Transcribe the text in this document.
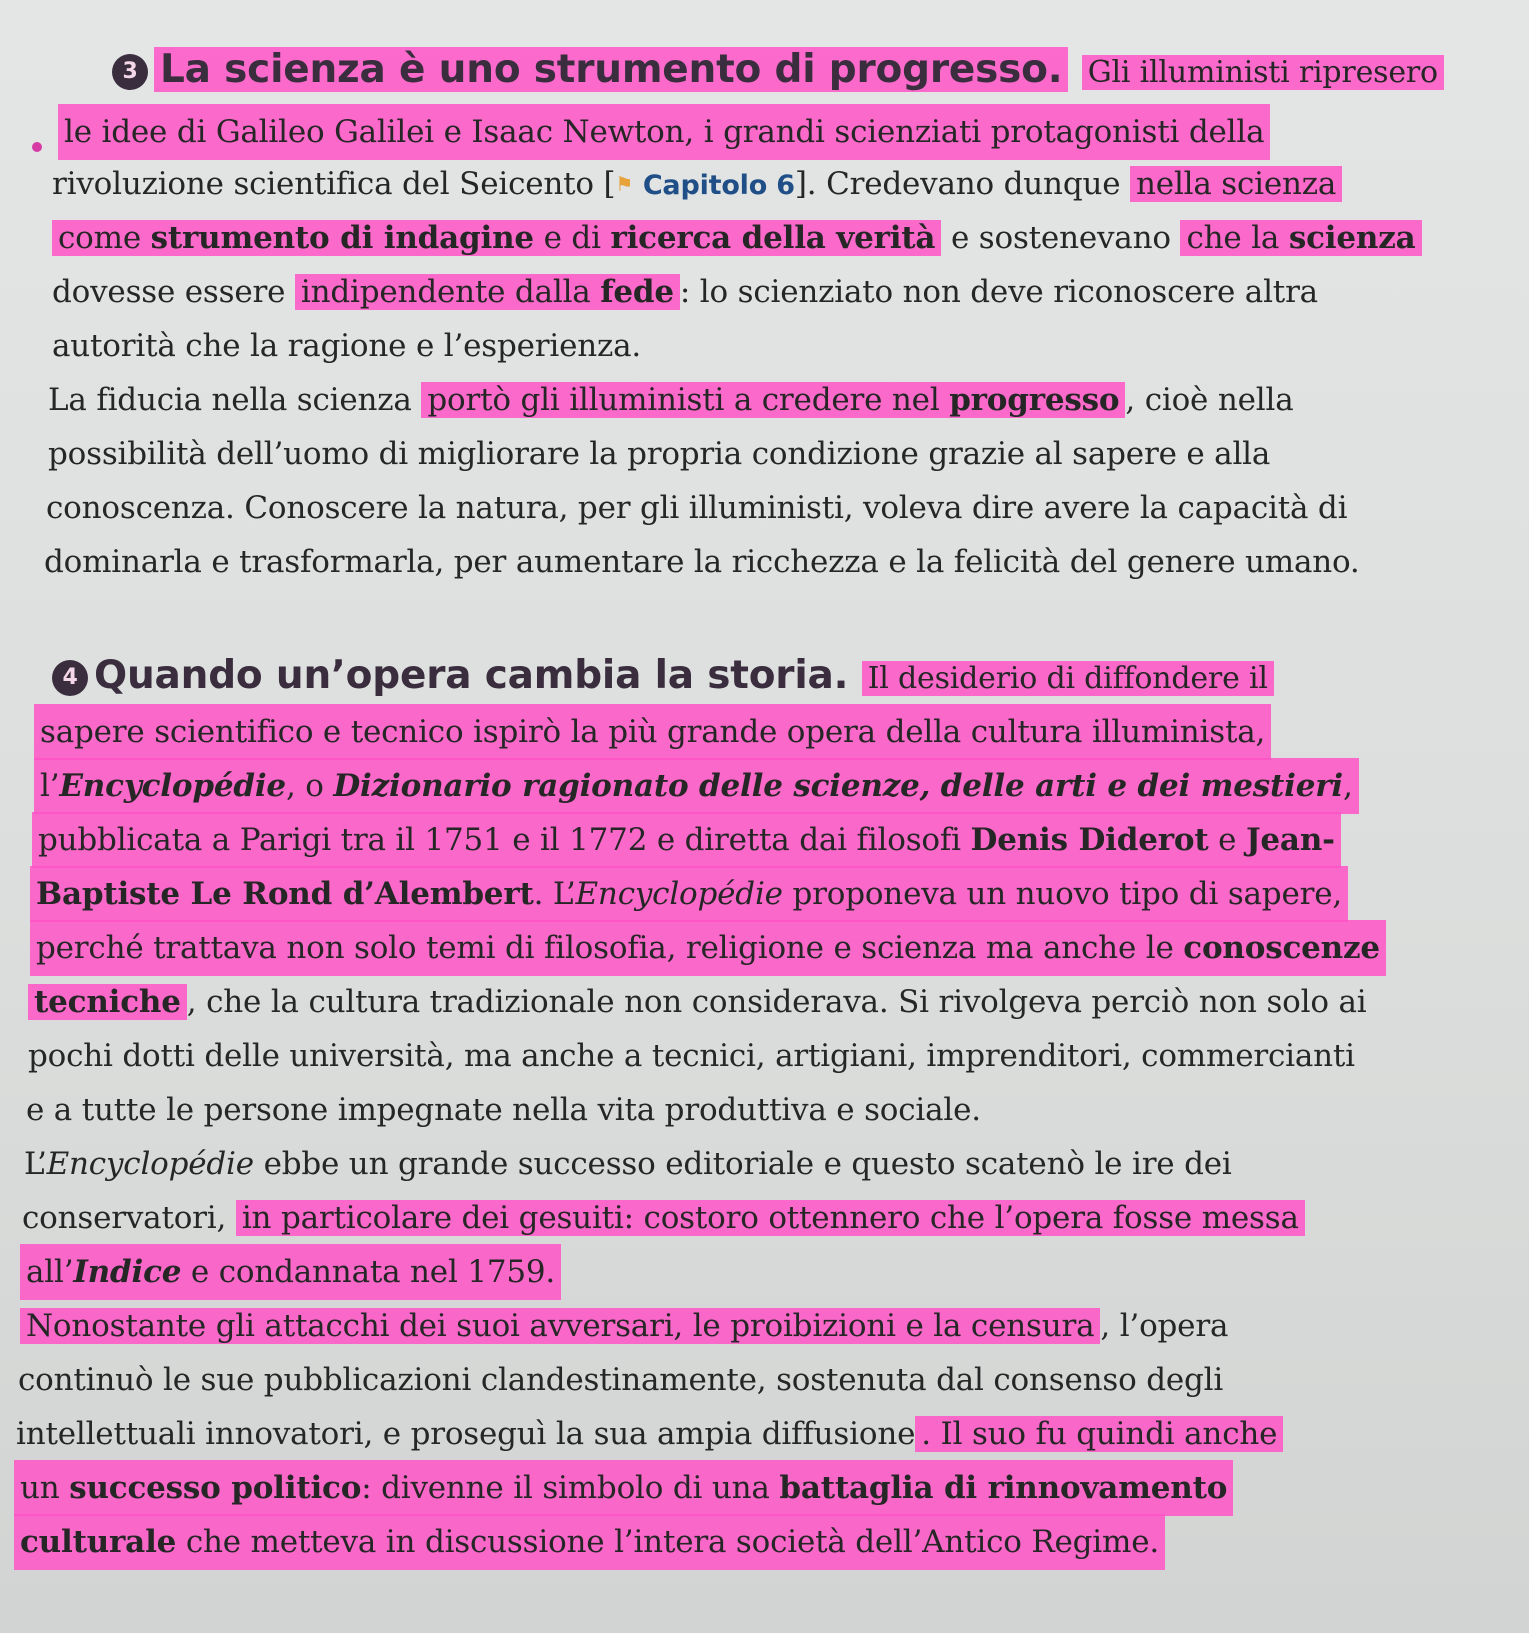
3 La scienza è uno strumento di progresso. Gli illuministi ripresero
le idee di Galileo Galilei e Isaac Newton, i grandi scienziati protagonisti della
rivoluzione scientifica del Seicento [⚑ Capitolo 6]. Credevano dunque nella scienza
come strumento di indagine e di ricerca della verità e sostenevano che la scienza
dovesse essere indipendente dalla fede : lo scienziato non deve riconoscere altra
autorità che la ragione e l’esperienza.
La fiducia nella scienza portò gli illuministi a credere nel progresso , cioè nella
possibilità dell’uomo di migliorare la propria condizione grazie al sapere e alla
conoscenza. Conoscere la natura, per gli illuministi, voleva dire avere la capacità di
dominarla e trasformarla, per aumentare la ricchezza e la felicità del genere umano.
4 Quando un’opera cambia la storia. Il desiderio di diffondere il
sapere scientifico e tecnico ispirò la più grande opera della cultura illuminista,
l’Encyclopédie, o Dizionario ragionato delle scienze, delle arti e dei mestieri,
pubblicata a Parigi tra il 1751 e il 1772 e diretta dai filosofi Denis Diderot e Jean-
Baptiste Le Rond d’Alembert. L’Encyclopédie proponeva un nuovo tipo di sapere,
perché trattava non solo temi di filosofia, religione e scienza ma anche le conoscenze
tecniche , che la cultura tradizionale non considerava. Si rivolgeva perciò non solo ai
pochi dotti delle università, ma anche a tecnici, artigiani, imprenditori, commercianti
e a tutte le persone impegnate nella vita produttiva e sociale.
L’Encyclopédie ebbe un grande successo editoriale e questo scatenò le ire dei
conservatori, in particolare dei gesuiti: costoro ottennero che l’opera fosse messa
all’Indice e condannata nel 1759.
Nonostante gli attacchi dei suoi avversari, le proibizioni e la censura , l’opera
continuò le sue pubblicazioni clandestinamente, sostenuta dal consenso degli
intellettuali innovatori, e proseguì la sua ampia diffusione . Il suo fu quindi anche
un successo politico: divenne il simbolo di una battaglia di rinnovamento
culturale che metteva in discussione l’intera società dell’Antico Regime.
